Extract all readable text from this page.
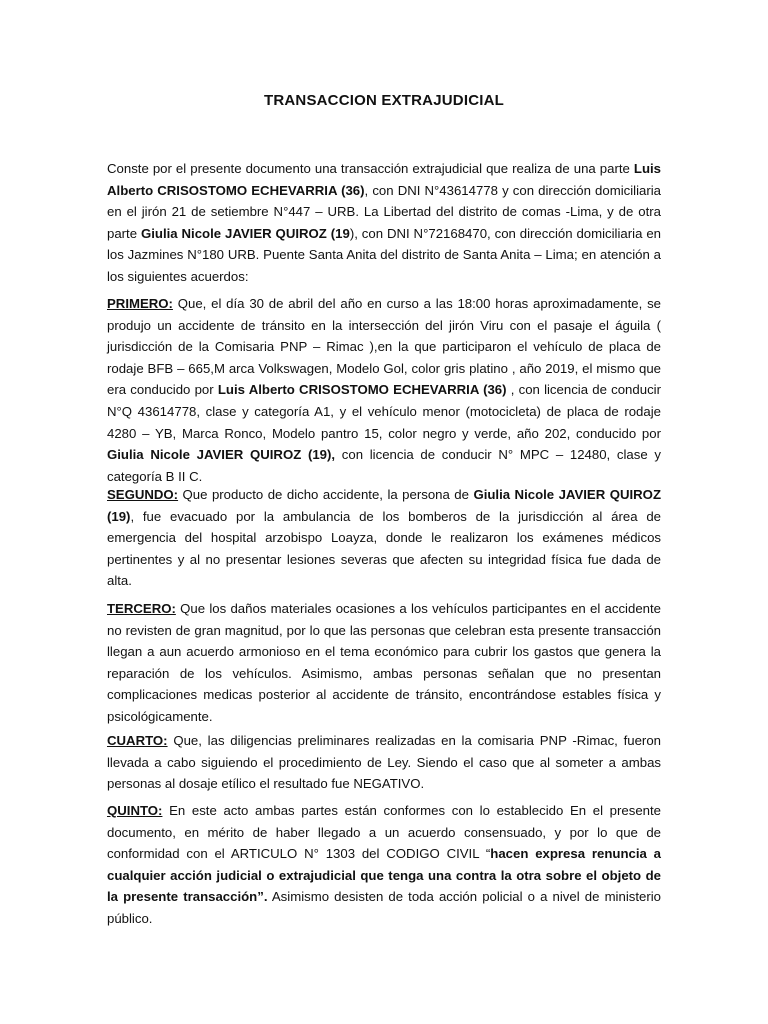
TRANSACCION EXTRAJUDICIAL
Conste por el presente documento una transacción extrajudicial que realiza de una parte Luis Alberto CRISOSTOMO ECHEVARRIA (36), con DNI N°43614778 y con dirección domiciliaria en el jirón 21 de setiembre N°447 – URB. La Libertad del distrito de comas -Lima, y de otra parte Giulia Nicole JAVIER QUIROZ (19), con DNI N°72168470, con dirección domiciliaria en los Jazmines N°180 URB. Puente Santa Anita del distrito de Santa Anita – Lima; en atención a los siguientes acuerdos:
PRIMERO: Que, el día 30 de abril del año en curso a las 18:00 horas aproximadamente, se produjo un accidente de tránsito en la intersección del jirón Viru con el pasaje el águila ( jurisdicción de la Comisaria PNP – Rimac ),en la que participaron el vehículo de placa de rodaje BFB – 665,M arca Volkswagen, Modelo Gol, color gris platino , año 2019, el mismo que era conducido por Luis Alberto CRISOSTOMO ECHEVARRIA (36) , con licencia de conducir N°Q 43614778, clase y categoría A1, y el vehículo menor (motocicleta) de placa de rodaje 4280 – YB, Marca Ronco, Modelo pantro 15, color negro y verde, año 202, conducido por Giulia Nicole JAVIER QUIROZ (19), con licencia de conducir N° MPC – 12480, clase y categoría B II C.
SEGUNDO: Que producto de dicho accidente, la persona de Giulia Nicole JAVIER QUIROZ (19), fue evacuado por la ambulancia de los bomberos de la jurisdicción al área de emergencia del hospital arzobispo Loayza, donde le realizaron los exámenes médicos pertinentes y al no presentar lesiones severas que afecten su integridad física fue dada de alta.
TERCERO: Que los daños materiales ocasiones a los vehículos participantes en el accidente no revisten de gran magnitud, por lo que las personas que celebran esta presente transacción llegan a aun acuerdo armonioso en el tema económico para cubrir los gastos que genera la reparación de los vehículos. Asimismo, ambas personas señalan que no presentan complicaciones medicas posterior al accidente de tránsito, encontrándose estables física y psicológicamente.
CUARTO: Que, las diligencias preliminares realizadas en la comisaria PNP -Rimac, fueron llevada a cabo siguiendo el procedimiento de Ley. Siendo el caso que al someter a ambas personas al dosaje etílico el resultado fue NEGATIVO.
QUINTO: En este acto ambas partes están conformes con lo establecido En el presente documento, en mérito de haber llegado a un acuerdo consensuado, y por lo que de conformidad con el ARTICULO N° 1303 del CODIGO CIVIL “hacen expresa renuncia a cualquier acción judicial o extrajudicial que tenga una contra la otra sobre el objeto de la presente transacción”. Asimismo desisten de toda acción policial o a nivel de ministerio público.
